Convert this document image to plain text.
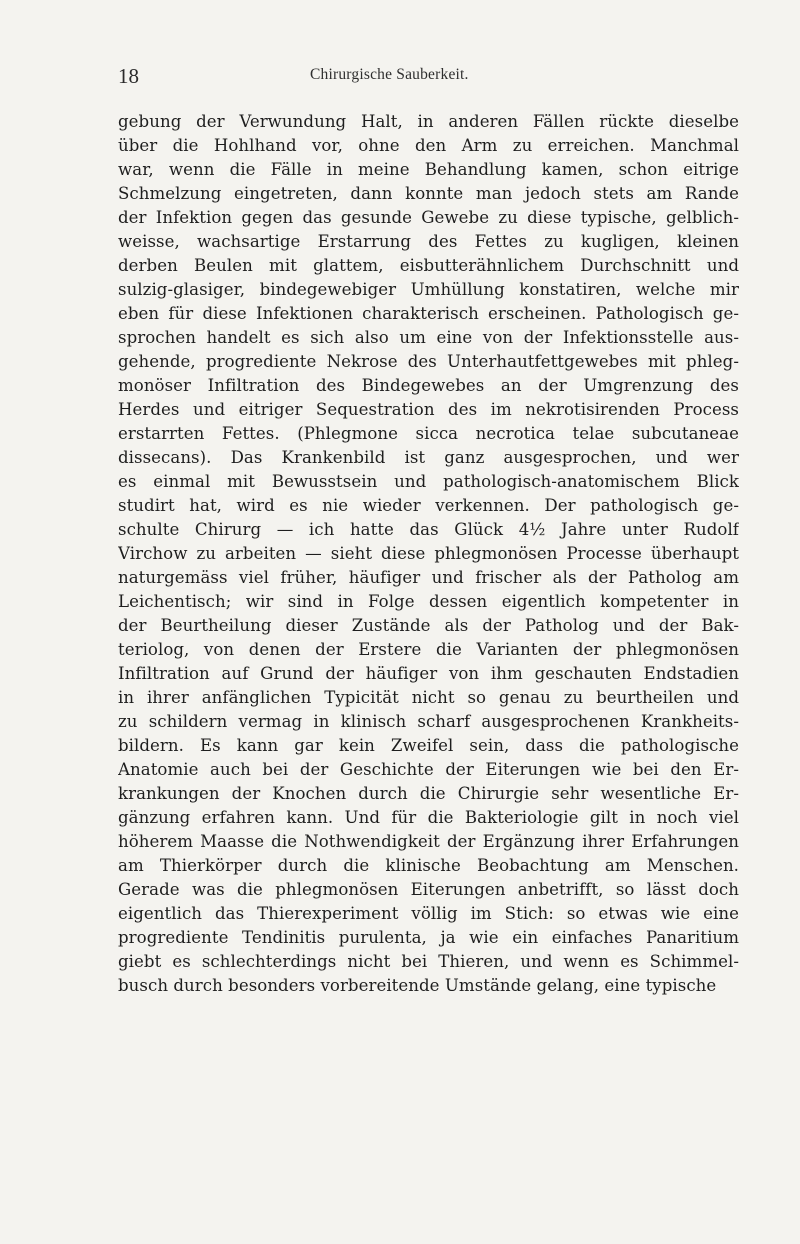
18	Chirurgische Sauberkeit.
gebung der Verwundung Halt, in anderen Fällen rückte dieselbe
über die Hohlhand vor, ohne den Arm zu erreichen. Manchmal
war, wenn die Fälle in meine Behandlung kamen, schon eitrige
Schmelzung eingetreten, dann konnte man jedoch stets am Rande
der Infektion gegen das gesunde Gewebe zu diese typische, gelblich-
weisse, wachsartige Erstarrung des Fettes zu kugligen, kleinen
derben Beulen mit glattem, eisbutterähnlichem Durchschnitt und
sulzig-glasiger, bindegewebiger Umhüllung konstatiren, welche mir
eben für diese Infektionen charakterisch erscheinen. Pathologisch ge-
sprochen handelt es sich also um eine von der Infektionsstelle aus-
gehende, progrediente Nekrose des Unterhautfettgewebes mit phleg-
monöser Infiltration des Bindegewebes an der Umgrenzung des
Herdes und eitriger Sequestration des im nekrotisirenden Process
erstarrten Fettes. (Phlegmone sicca necrotica telae subcutaneae
dissecans). Das Krankenbild ist ganz ausgesprochen, und wer
es einmal mit Bewusstsein und pathologisch-anatomischem Blick
studirt hat, wird es nie wieder verkennen. Der pathologisch ge-
schulte Chirurg — ich hatte das Glück 4½ Jahre unter Rudolf
Virchow zu arbeiten — sieht diese phlegmonösen Processe überhaupt
naturgemäss viel früher, häufiger und frischer als der Patholog am
Leichentisch; wir sind in Folge dessen eigentlich kompetenter in
der Beurtheilung dieser Zustände als der Patholog und der Bak-
teriolog, von denen der Erstere die Varianten der phlegmonösen
Infiltration auf Grund der häufiger von ihm geschauten Endstadien
in ihrer anfänglichen Typicität nicht so genau zu beurtheilen und
zu schildern vermag in klinisch scharf ausgesprochenen Krankheits-
bildern. Es kann gar kein Zweifel sein, dass die pathologische
Anatomie auch bei der Geschichte der Eiterungen wie bei den Er-
krankungen der Knochen durch die Chirurgie sehr wesentliche Er-
gänzung erfahren kann. Und für die Bakteriologie gilt in noch viel
höherem Maasse die Nothwendigkeit der Ergänzung ihrer Erfahrungen
am Thierkörper durch die klinische Beobachtung am Menschen.
Gerade was die phlegmonösen Eiterungen anbetrifft, so lässt doch
eigentlich das Thierexperiment völlig im Stich: so etwas wie eine
progrediente Tendinitis purulenta, ja wie ein einfaches Panaritium
giebt es schlechterdings nicht bei Thieren, und wenn es Schimmel-
busch durch besonders vorbereitende Umstände gelang, eine typische
